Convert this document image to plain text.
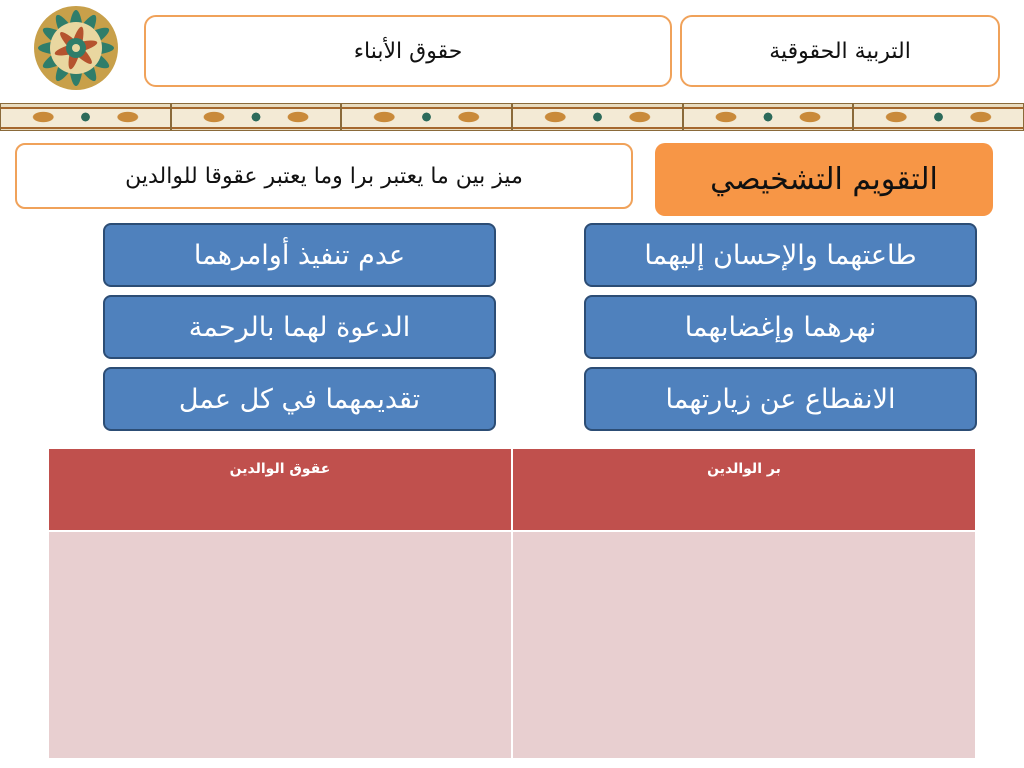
التربية الحقوقية
حقوق الأبناء
التقويم التشخيصي
ميز بين ما يعتبر برا وما يعتبر عقوقا للوالدين
طاعتهما والإحسان إليهما
نهرهما وإغضابهما
الانقطاع عن زيارتهما
عدم تنفيذ أوامرهما
الدعوة لهما بالرحمة
تقديمهما في كل عمل
عقوق الوالدين	بر الوالدين
